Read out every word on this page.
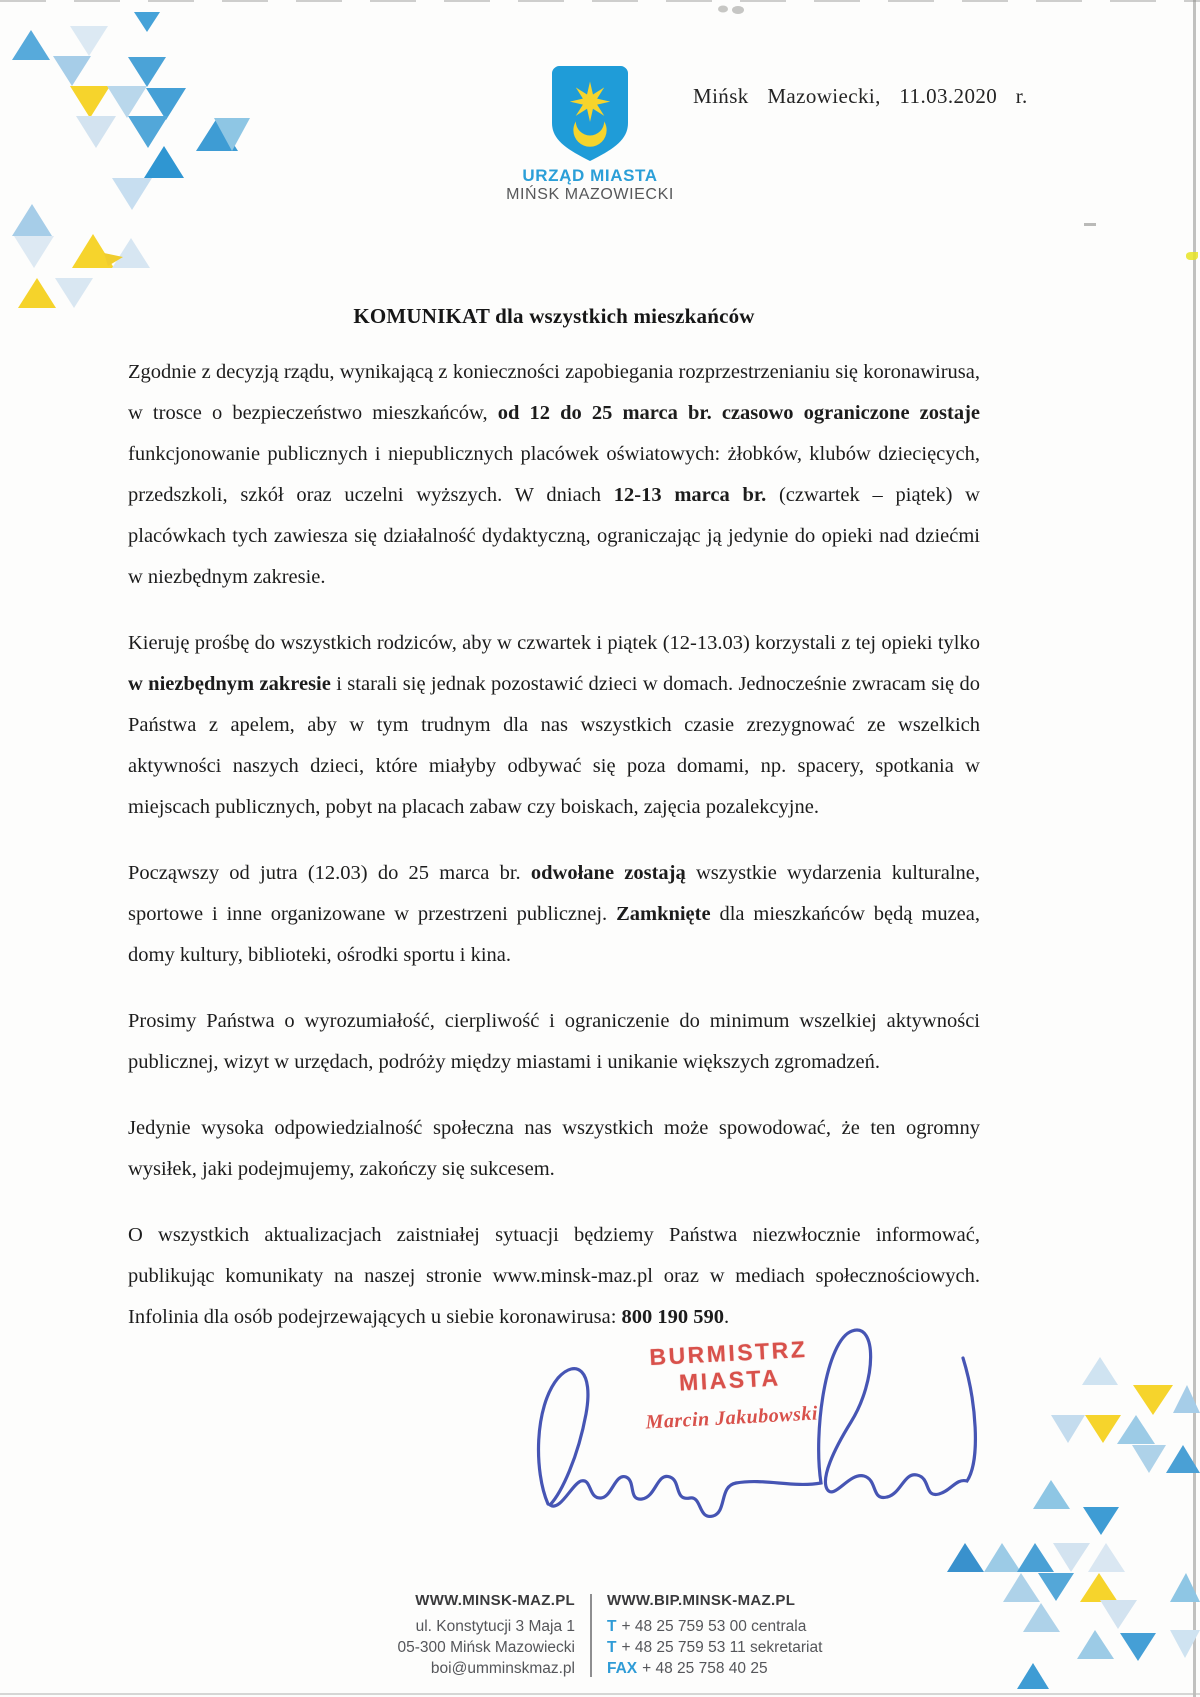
URZĄD MIASTA
MIŃSK MAZOWIECKI
Mińsk Mazowiecki, 11.03.2020 r.
KOMUNIKAT dla wszystkich mieszkańców

Zgodnie z decyzją rządu, wynikającą z konieczności zapobiegania rozprzestrzenianiu się koronawirusa, w trosce o bezpieczeństwo mieszkańców, od 12 do 25 marca br. czasowo ograniczone zostaje funkcjonowanie publicznych i niepublicznych placówek oświatowych: żłobków, klubów dziecięcych, przedszkoli, szkół oraz uczelni wyższych. W dniach 12-13 marca br. (czwartek – piątek) w placówkach tych zawiesza się działalność dydaktyczną, ograniczając ją jedynie do opieki nad dziećmi w niezbędnym zakresie.

Kieruję prośbę do wszystkich rodziców, aby w czwartek i piątek (12-13.03) korzystali z tej opieki tylko w niezbędnym zakresie i starali się jednak pozostawić dzieci w domach. Jednocześnie zwracam się do Państwa z apelem, aby w tym trudnym dla nas wszystkich czasie zrezygnować ze wszelkich aktywności naszych dzieci, które miałyby odbywać się poza domami, np. spacery, spotkania w miejscach publicznych, pobyt na placach zabaw czy boiskach, zajęcia pozalekcyjne.

Począwszy od jutra (12.03) do 25 marca br. odwołane zostają wszystkie wydarzenia kulturalne, sportowe i inne organizowane w przestrzeni publicznej. Zamknięte dla mieszkańców będą muzea, domy kultury, biblioteki, ośrodki sportu i kina.

Prosimy Państwa o wyrozumiałość, cierpliwość i ograniczenie do minimum wszelkiej aktywności publicznej, wizyt w urzędach, podróży między miastami i unikanie większych zgromadzeń.

Jedynie wysoka odpowiedzialność społeczna nas wszystkich może spowodować, że ten ogromny wysiłek, jaki podejmujemy, zakończy się sukcesem.

O wszystkich aktualizacjach zaistniałej sytuacji będziemy Państwa niezwłocznie informować, publikując komunikaty na naszej stronie www.minsk-maz.pl oraz w mediach społecznościowych. Infolinia dla osób podejrzewających u siebie koronawirusa: 800 190 590.

BURMISTRZ MIASTA
Marcin Jakubowski
WWW.MINSK-MAZ.PL
ul. Konstytucji 3 Maja 1
05-300 Mińsk Mazowiecki
boi@umminskmaz.pl
WWW.BIP.MINSK-MAZ.PL
T + 48 25 759 53 00 centrala
T + 48 25 759 53 11 sekretariat
FAX + 48 25 758 40 25
